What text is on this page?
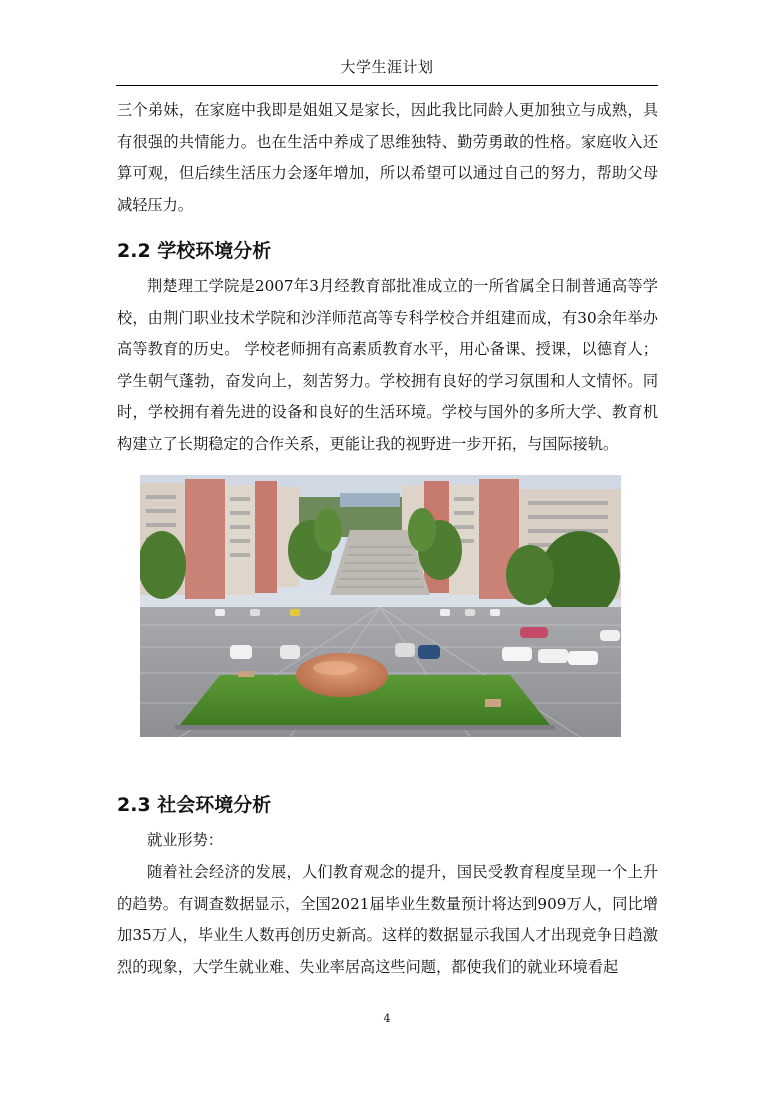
大学生涯计划

三个弟妹，在家庭中我即是姐姐又是家长，因此我比同龄人更加独立与成熟，具有很强的共情能力。也在生活中养成了思维独特、勤劳勇敢的性格。家庭收入还算可观，但后续生活压力会逐年增加，所以希望可以通过自己的努力，帮助父母减轻压力。

2.2 学校环境分析

荆楚理工学院是2007年3月经教育部批准成立的一所省属全日制普通高等学校，由荆门职业技术学院和沙洋师范高等专科学校合并组建而成，有30余年举办高等教育的历史。 学校老师拥有高素质教育水平，用心备课、授课，以德育人；学生朝气蓬勃，奋发向上，刻苦努力。学校拥有良好的学习氛围和人文情怀。同时，学校拥有着先进的设备和良好的生活环境。学校与国外的多所大学、教育机构建立了长期稳定的合作关系，更能让我的视野进一步开拓，与国际接轨。

2.3 社会环境分析

就业形势：

随着社会经济的发展，人们教育观念的提升，国民受教育程度呈现一个上升的趋势。有调查数据显示，全国2021届毕业生数量预计将达到909万人，同比增加35万人，毕业生人数再创历史新高。这样的数据显示我国人才出现竞争日趋激烈的现象，大学生就业难、失业率居高这些问题，都使我们的就业环境看起

4
